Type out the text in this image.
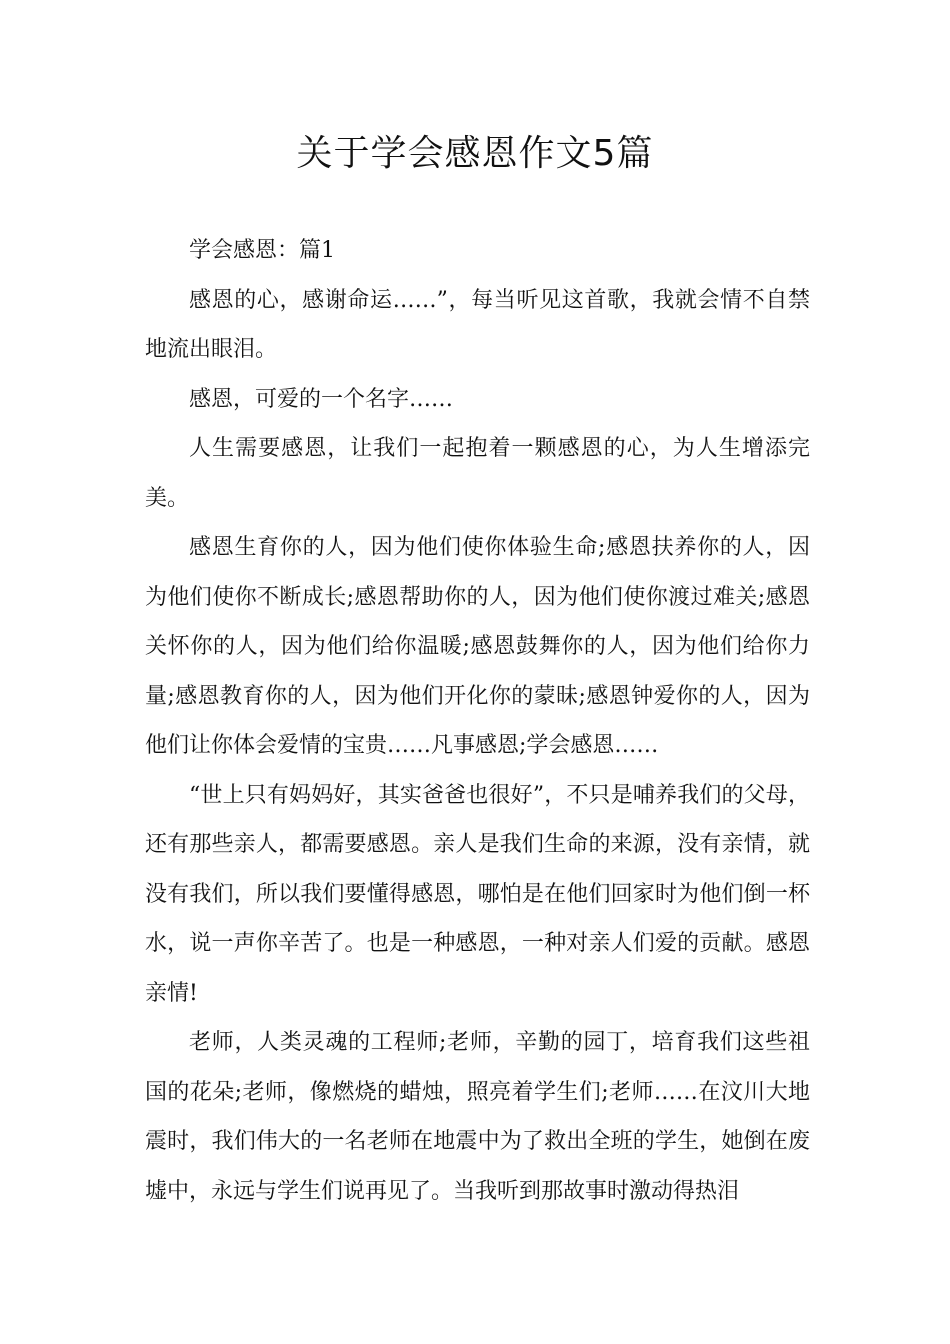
关于学会感恩作文5篇

学会感恩：篇1

感恩的心，感谢命运……”，每当听见这首歌，我就会情不自禁地流出眼泪。

感恩，可爱的一个名字……

人生需要感恩，让我们一起抱着一颗感恩的心，为人生增添完美。

感恩生育你的人，因为他们使你体验生命;感恩扶养你的人，因为他们使你不断成长;感恩帮助你的人，因为他们使你渡过难关;感恩关怀你的人，因为他们给你温暖;感恩鼓舞你的人，因为他们给你力量;感恩教育你的人，因为他们开化你的蒙昧;感恩钟爱你的人，因为他们让你体会爱情的宝贵……凡事感恩;学会感恩……

“世上只有妈妈好，其实爸爸也很好”，不只是哺养我们的父母，还有那些亲人，都需要感恩。亲人是我们生命的来源，没有亲情，就没有我们，所以我们要懂得感恩，哪怕是在他们回家时为他们倒一杯水，说一声你辛苦了。也是一种感恩，一种对亲人们爱的贡献。感恩亲情!

老师，人类灵魂的工程师;老师，辛勤的园丁，培育我们这些祖国的花朵;老师，像燃烧的蜡烛，照亮着学生们;老师……在汶川大地震时，我们伟大的一名老师在地震中为了救出全班的学生，她倒在废墟中，永远与学生们说再见了。当我听到那故事时激动得热泪
